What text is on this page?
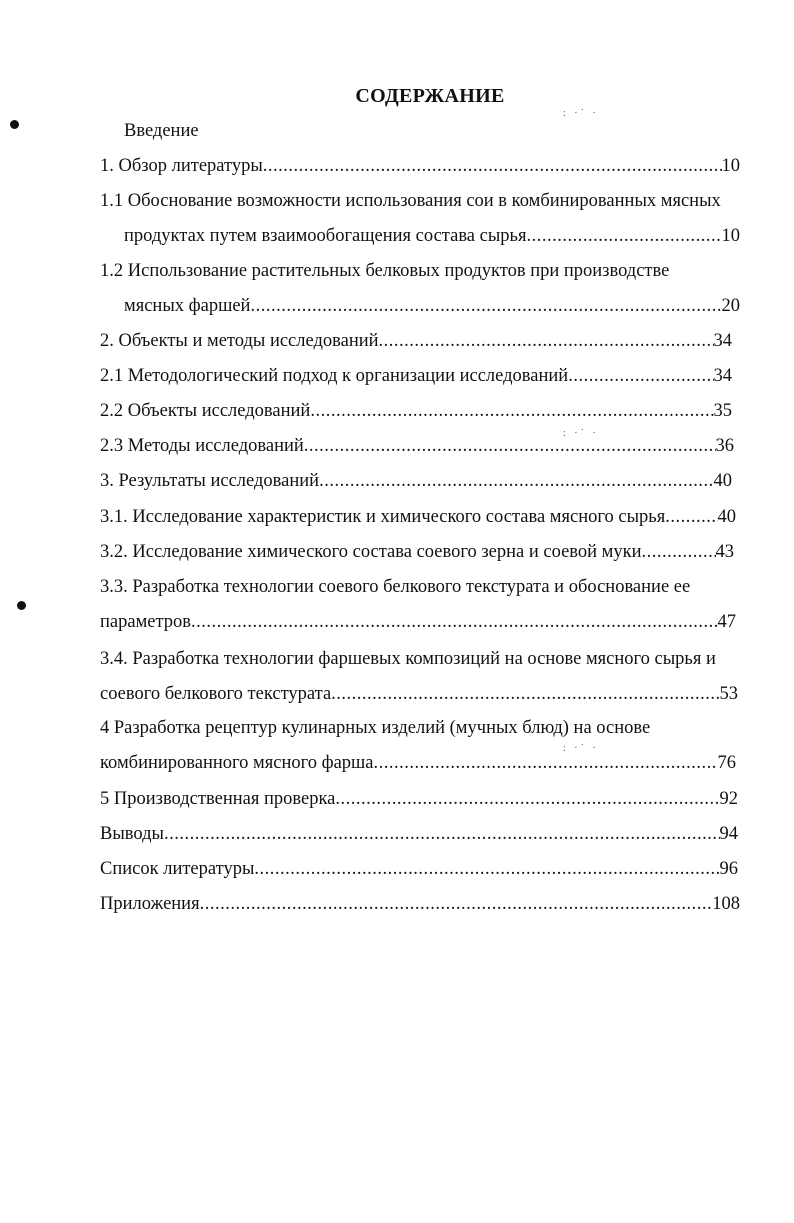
: ·˙ ·
: ·˙ ·
: ·˙ ·
СОДЕРЖАНИЕ
Введение
1. Обзор литературы .....	10
1.1 Обоснование возможности использования сои в комбинированных мясных
продуктах путем взаимообогащения состава сырья .....	10
1.2 Использование растительных белковых продуктов при производстве
мясных фаршей .....	20
2. Объекты и методы исследований .....	34
2.1 Методологический подход к организации исследований .....	34
2.2 Объекты исследований .....	35
2.3 Методы исследований .....	36
3. Результаты исследований .....	40
3.1. Исследование характеристик и химического состава мясного сырья .....	40
3.2. Исследование химического состава соевого зерна и соевой муки .....	43
3.3. Разработка технологии соевого белкового текстурата и обоснование ее
параметров .....	47
3.4. Разработка технологии фаршевых композиций на основе мясного сырья и
соевого белкового текстурата .....	53
4 Разработка рецептур кулинарных изделий (мучных блюд) на основе
комбинированного мясного фарша .....	76
5 Производственная проверка .....	92
Выводы .....	94
Список литературы .....	96
Приложения .....	108
